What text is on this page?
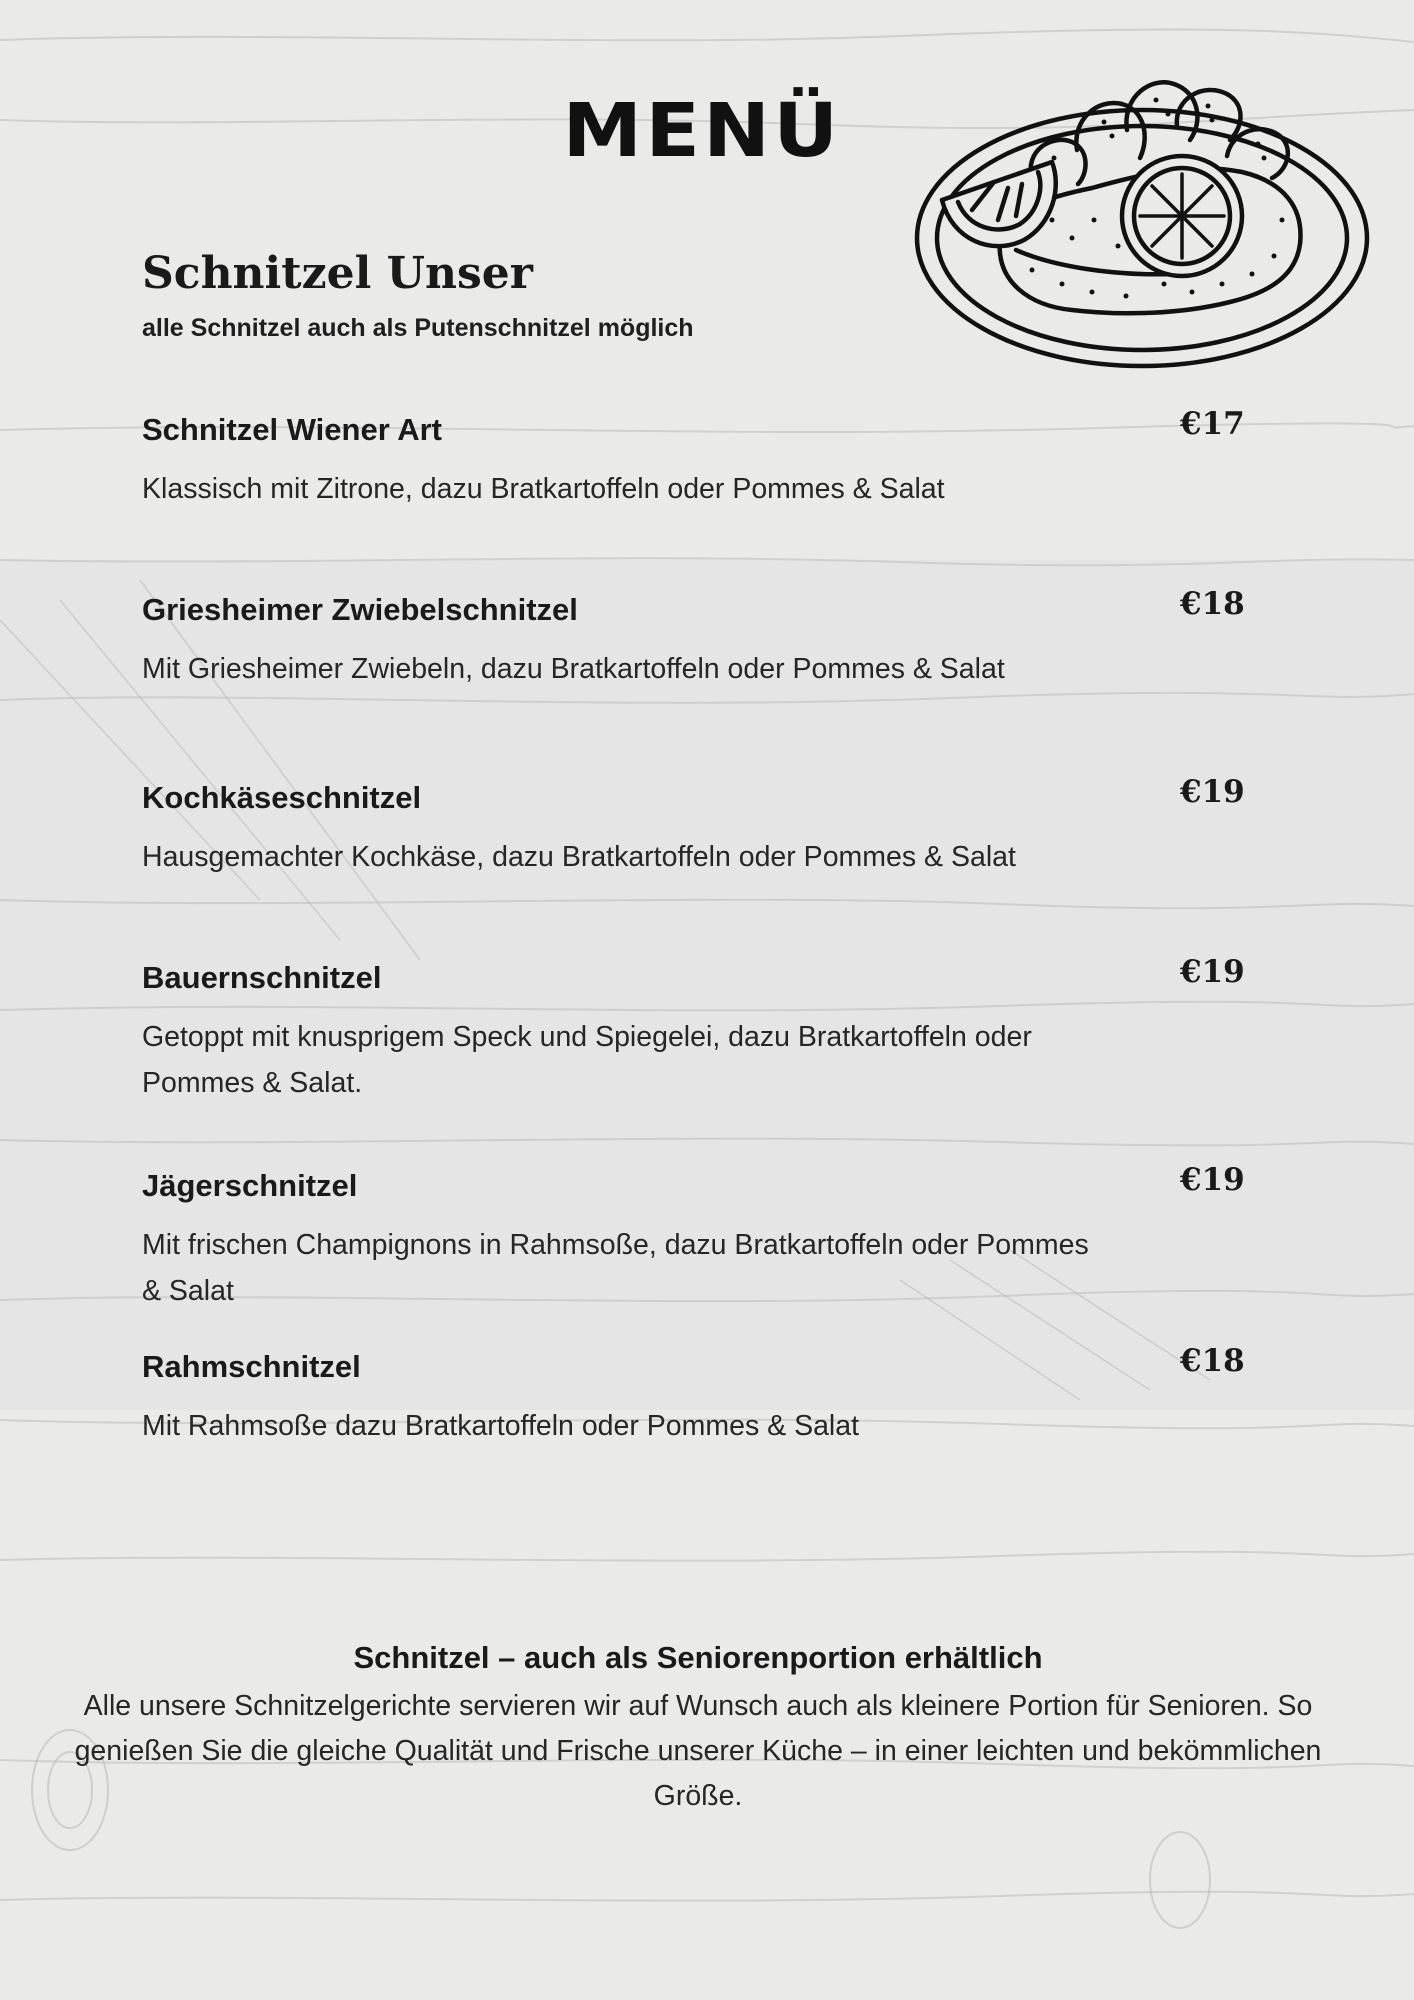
MENÜ
Schnitzel Unser
alle Schnitzel auch als Putenschnitzel möglich
Schnitzel Wiener Art	€17
Klassisch mit Zitrone, dazu Bratkartoffeln oder Pommes & Salat
Griesheimer Zwiebelschnitzel	€18
Mit Griesheimer Zwiebeln, dazu Bratkartoffeln oder Pommes & Salat
Kochkäseschnitzel	€19
Hausgemachter Kochkäse, dazu Bratkartoffeln oder Pommes & Salat
Bauernschnitzel	€19
Getoppt mit knusprigem Speck und Spiegelei, dazu Bratkartoffeln oder Pommes & Salat.
Jägerschnitzel	€19
Mit frischen Champignons in Rahmsoße, dazu Bratkartoffeln oder Pommes & Salat
Rahmschnitzel	€18
Mit Rahmsoße dazu Bratkartoffeln oder Pommes & Salat
Schnitzel – auch als Seniorenportion erhältlich
Alle unsere Schnitzelgerichte servieren wir auf Wunsch auch als kleinere Portion für Senioren. So genießen Sie die gleiche Qualität und Frische unserer Küche – in einer leichten und bekömmlichen Größe.
